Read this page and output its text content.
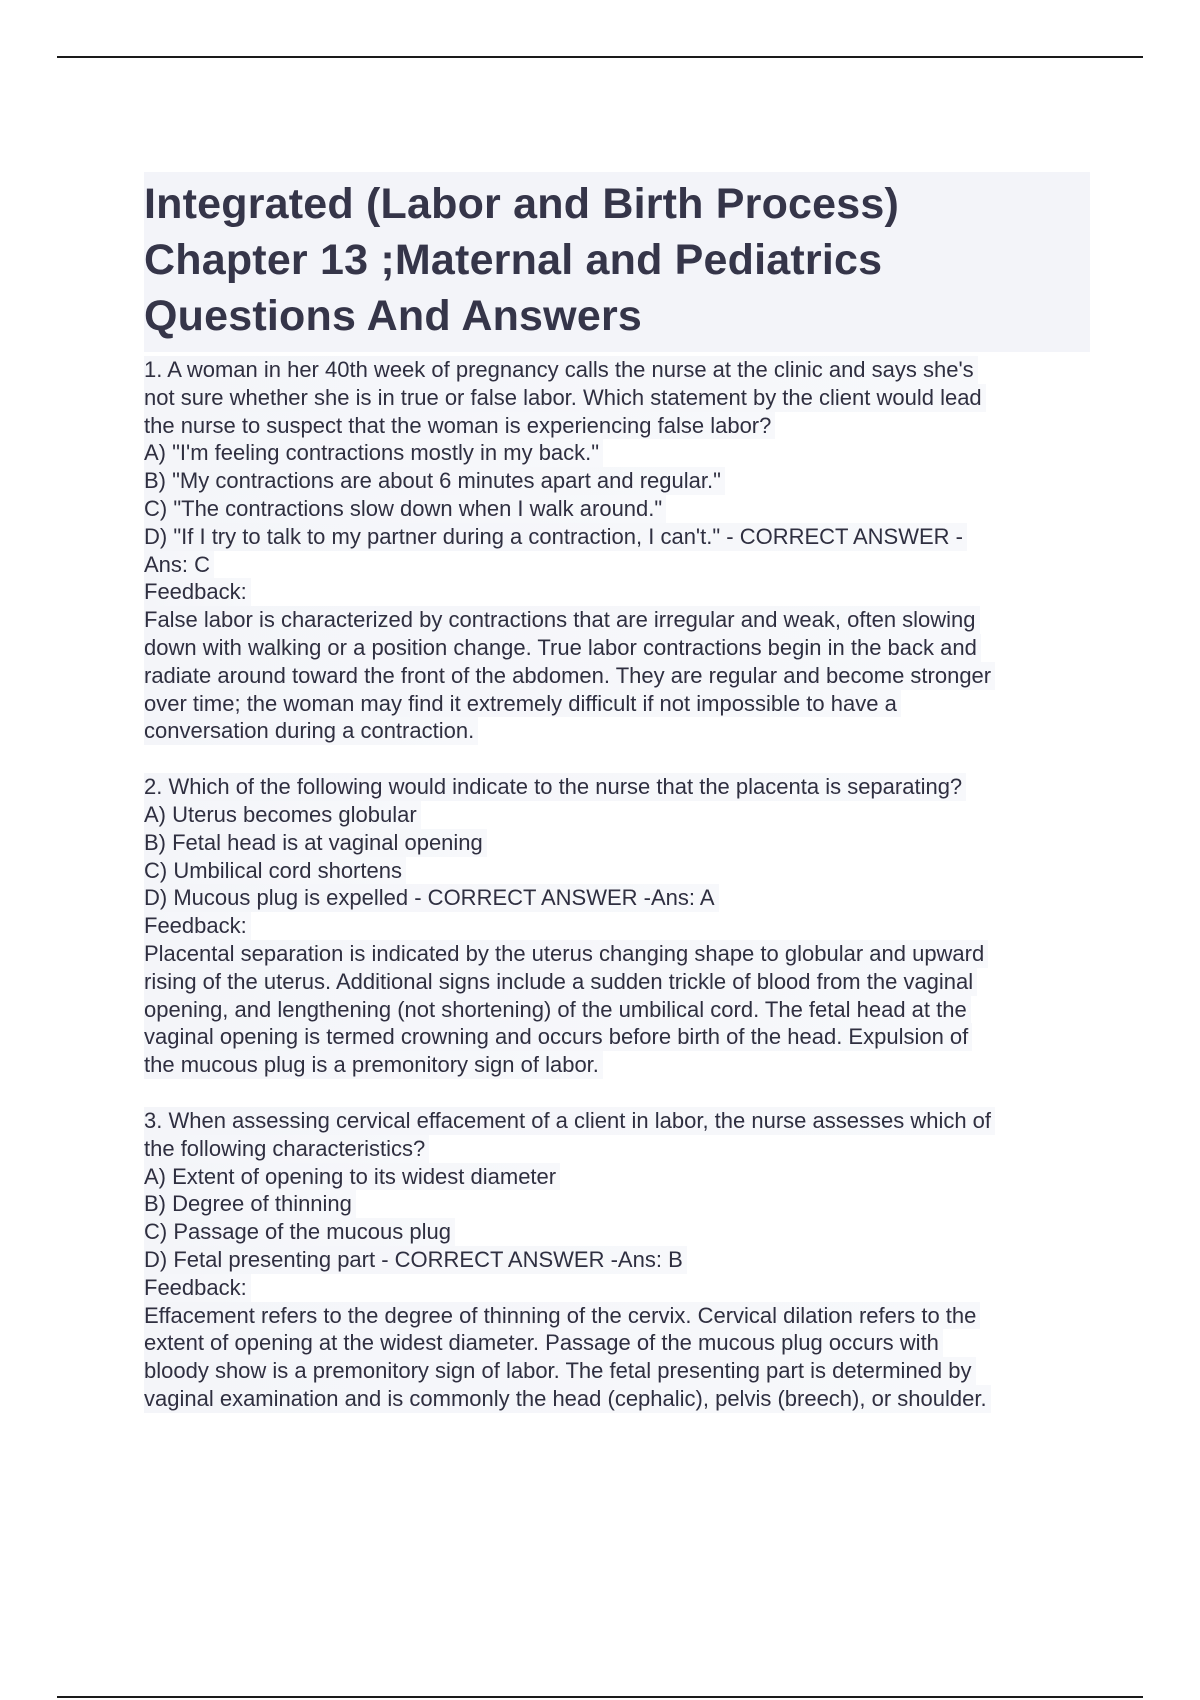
Integrated (Labor and Birth Process)
Chapter 13 ;Maternal and Pediatrics
Questions And Answers
1. A woman in her 40th week of pregnancy calls the nurse at the clinic and says she's
not sure whether she is in true or false labor. Which statement by the client would lead
the nurse to suspect that the woman is experiencing false labor?
A) "I'm feeling contractions mostly in my back."
B) "My contractions are about 6 minutes apart and regular."
C) "The contractions slow down when I walk around."
D) "If I try to talk to my partner during a contraction, I can't." - CORRECT ANSWER -
Ans: C
Feedback:
False labor is characterized by contractions that are irregular and weak, often slowing
down with walking or a position change. True labor contractions begin in the back and
radiate around toward the front of the abdomen. They are regular and become stronger
over time; the woman may find it extremely difficult if not impossible to have a
conversation during a contraction.
2. Which of the following would indicate to the nurse that the placenta is separating?
A) Uterus becomes globular
B) Fetal head is at vaginal opening
C) Umbilical cord shortens
D) Mucous plug is expelled - CORRECT ANSWER -Ans: A
Feedback:
Placental separation is indicated by the uterus changing shape to globular and upward
rising of the uterus. Additional signs include a sudden trickle of blood from the vaginal
opening, and lengthening (not shortening) of the umbilical cord. The fetal head at the
vaginal opening is termed crowning and occurs before birth of the head. Expulsion of
the mucous plug is a premonitory sign of labor.
3. When assessing cervical effacement of a client in labor, the nurse assesses which of
the following characteristics?
A) Extent of opening to its widest diameter
B) Degree of thinning
C) Passage of the mucous plug
D) Fetal presenting part - CORRECT ANSWER -Ans: B
Feedback:
Effacement refers to the degree of thinning of the cervix. Cervical dilation refers to the
extent of opening at the widest diameter. Passage of the mucous plug occurs with
bloody show is a premonitory sign of labor. The fetal presenting part is determined by
vaginal examination and is commonly the head (cephalic), pelvis (breech), or shoulder.
